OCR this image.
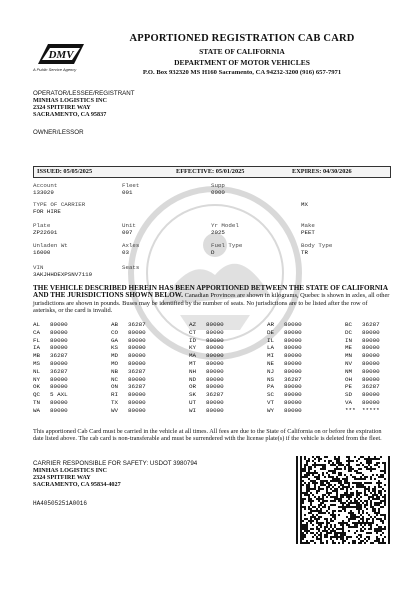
DMV
A Public Service Agency
APPORTIONED REGISTRATION CAB CARD
STATE OF CALIFORNIA
DEPARTMENT OF MOTOR VEHICLES
P.O. Box 932320 MS H160 Sacramento, CA 94232-3200 (916) 657-7971
OPERATOR/LESSEE/REGISTRANT
MINHAS LOGISTICS INC
2324 SPITFIRE WAY
SACRAMENTO, CA 95837
OWNER/LESSOR
ISSUED: 05/05/2025	EFFECTIVE: 05/01/2025	EXPIRES: 04/30/2026
Account
133029
Fleet
001
Supp
0000
TYPE OF CARRIER
FOR HIRE
MX
Plate
ZP22601
Unit
007
Yr Model
2025
Make
PEET
Unladen Wt
16000
Axles
03
Fuel Type
D
Body Type
TR
VIN
3AKJHHDEXPSNV7119
Seats
THE VEHICLE DESCRIBED HEREIN HAS BEEN APPORTIONED BETWEEN THE STATE OF CALIFORNIA AND THE JURISDICTIONS SHOWN BELOW. Canadian Provinces are shown in kilograms, Quebec is shown in axles, all other jurisdictions are shown in pounds. Buses may be identified by the number of seats. No jurisdictions are to be listed after the row of asterisks, or the card is invalid.
AL 80000	AB 36287	AZ 80000	AR 80000	BC 36287
CA 80000	CO 80000	CT 80000	DE 80000	DC 80000
FL 80000	GA 80000	ID 80000	IL 80000	IN 80000
IA 80000	KS 80000	KY 80000	LA 80000	ME 80000
MB 36287	MD 80000	MA 80000	MI 80000	MN 80000
MS 80000	MO 80000	MT 80000	NE 80000	NV 80000
NL 36287	NB 36287	NH 80000	NJ 80000	NM 80000
NY 80000	NC 80000	ND 80000	NS 36287	OH 80000
OK 80000	ON 36287	OR 80000	PA 80000	PE 36287
QC 5 AXL	RI 80000	SK 36287	SC 80000	SD 80000
TN 80000	TX 80000	UT 80000	VT 80000	VA 80000
WA 80000	WV 80000	WI 80000	WY 80000	*** *****
This apportioned Cab Card must be carried in the vehicle at all times. All fees are due to the State of California on or before the expiration date listed above. The cab card is non-transferable and must be surrendered with the license plate(s) if the vehicle is deleted from the fleet.
CARRIER RESPONSIBLE FOR SAFETY: USDOT 3980794
MINHAS LOGISTICS INC
2324 SPITFIRE WAY
SACRAMENTO, CA 95834-4027
HA40505251A0016
